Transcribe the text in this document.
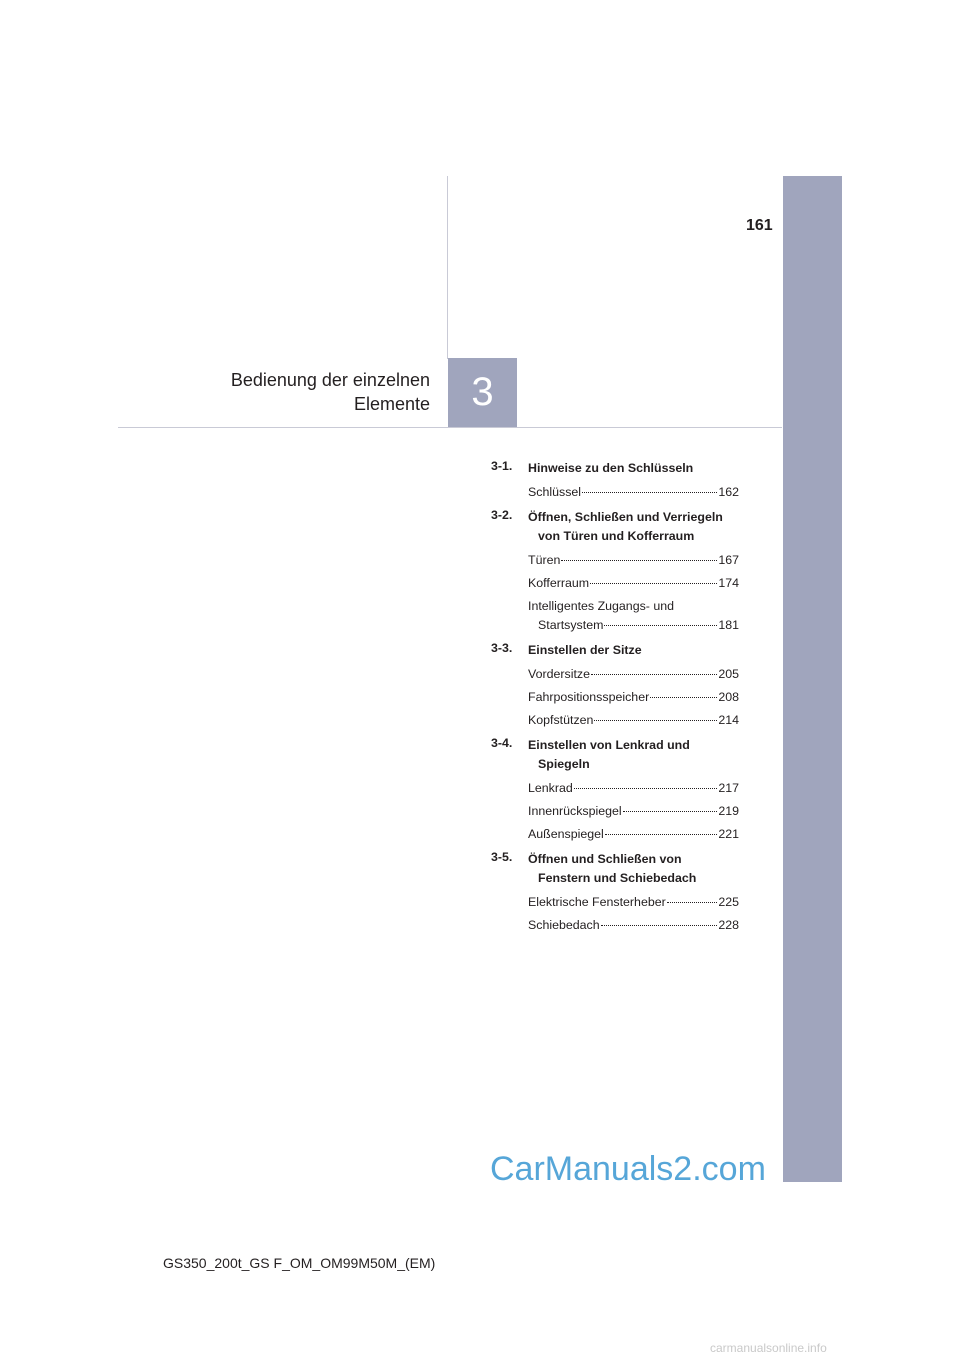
161
Bedienung der einzelnen
Elemente 3
3-1. Hinweise zu den Schlüsseln
Schlüssel	162
3-2. Öffnen, Schließen und Verriegeln
von Türen und Kofferraum
Türen	167
Kofferraum	174
Intelligentes Zugangs- und
Startsystem	181
3-3. Einstellen der Sitze
Vordersitze	205
Fahrpositionsspeicher	208
Kopfstützen	214
3-4. Einstellen von Lenkrad und
Spiegeln
Lenkrad	217
Innenrückspiegel	219
Außenspiegel	221
3-5. Öffnen und Schließen von
Fenstern und Schiebedach
Elektrische Fensterheber	225
Schiebedach	228
CarManuals2.com
GS350_200t_GS F_OM_OM99M50M_(EM)
carmanualsonline.info
